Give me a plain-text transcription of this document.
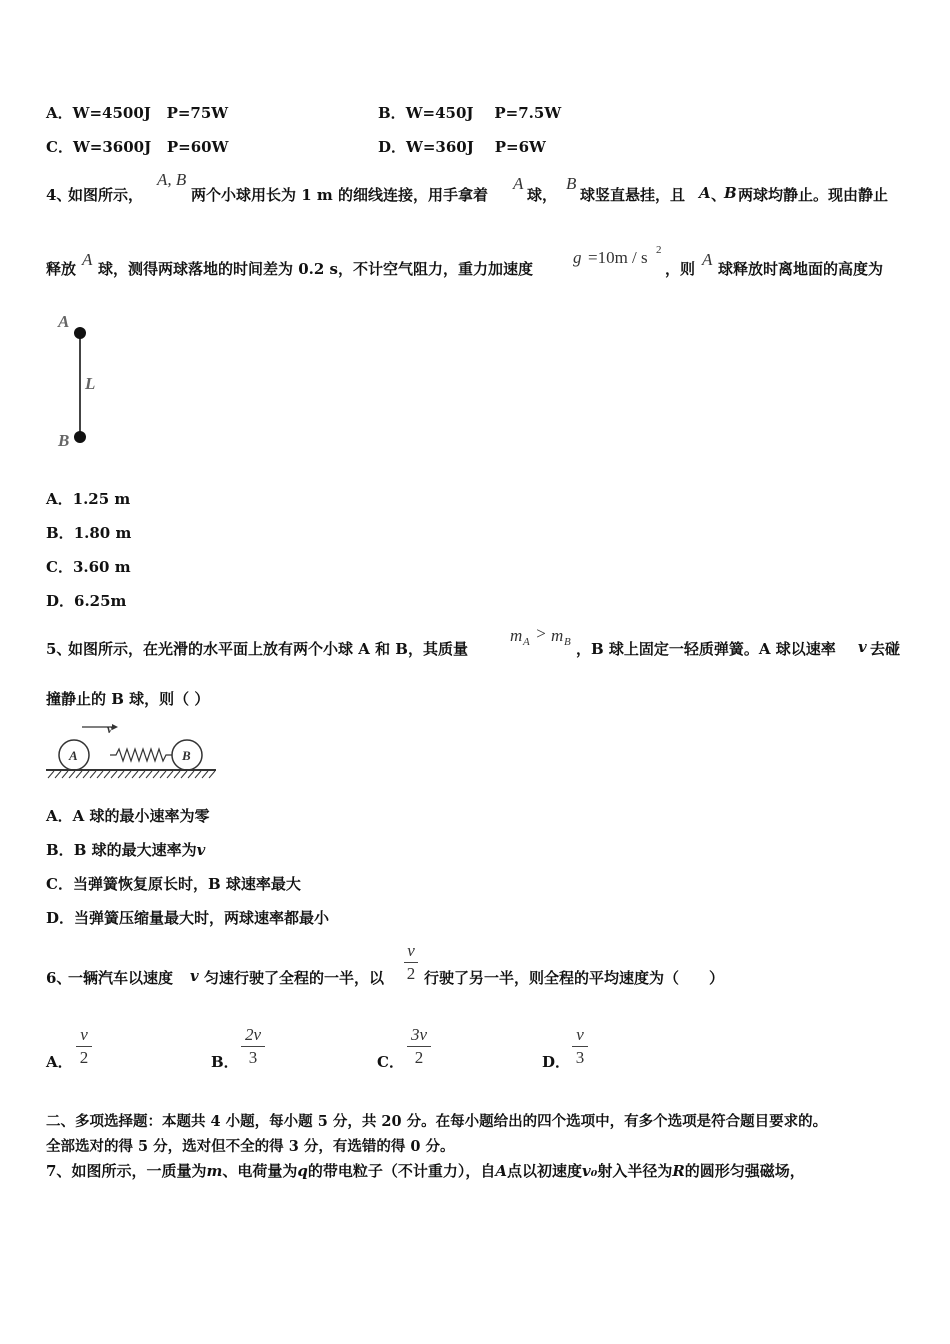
A．W=4500J   P=75W	B．W=450J    P=7.5W
C．W=3600J   P=60W	D．W=360J    P=6W
4、
如图所示，
A, B
两个小球用长为 1 m 的细线连接，用手拿着
A
球，
B
球竖直悬挂，且 A 、
B 两球均静止。现由静止
释放 A 球，测得两球落地的时间差为 0.2 s，不计空气阻力，重力加速度
g =10m / s 2
，则 A 球释放时离地面的高度为
A
L
B
A．1.25 m
B．1.80 m
C．3.60 m
D．6.25m
5、
如图所示，在光滑的水平面上放有两个小球 A 和 B，其质量
m A > m B ，B 球上固定一轻质弹簧。A 球以速率 v 去碰
撞静止的 B 球，则（ ）
v
A	B
A．A 球的最小速率为零
B．B 球的最大速率为v
C．当弹簧恢复原长时，B 球速率最大
D．当弹簧压缩量最大时，两球速率都最小
6、
一辆汽车以速度 v 匀速行驶了全程的一半，以
v
2 行驶了另一半，则全程的平均速度为（　　）
A．
v
2	B．
2v
3	C．
3v
2	D．
v
3
二、多项选择题：本题共 4 小题，每小题 5 分，共 20 分。在每小题给出的四个选项中，有多个选项是符合题目要求的。
全部选对的得 5 分，选对但不全的得 3 分，有选错的得 0 分。
7、如图所示，一质量为m、电荷量为q的带电粒子（不计重力），自A点以初速度v₀射入半径为R的圆形匀强磁场，
